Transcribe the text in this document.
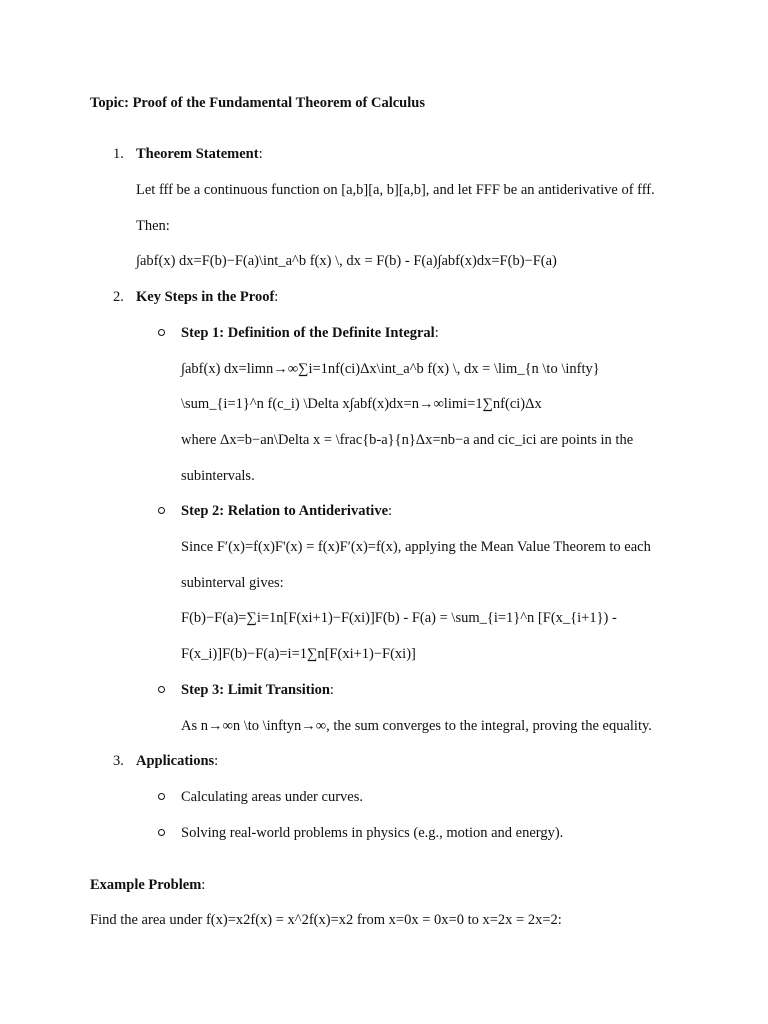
Topic: Proof of the Fundamental Theorem of Calculus
1. Theorem Statement:
Let fff be a continuous function on [a,b][a, b][a,b], and let FFF be an antiderivative of fff.
Then:
∫abf(x) dx=F(b)−F(a)\int_a^b f(x) \, dx = F(b) - F(a)∫abf(x)dx=F(b)−F(a)
2. Key Steps in the Proof:
Step 1: Definition of the Definite Integral:
∫abf(x) dx=limn→∞∑i=1nf(ci)Δx\int_a^b f(x) \, dx = \lim_{n \to \infty}
\sum_{i=1}^n f(c_i) \Delta x∫abf(x)dx=n→∞limi=1∑nf(ci)Δx
where Δx=b−an\Delta x = \frac{b-a}{n}Δx=nb−a and cic_ici are points in the
subintervals.
Step 2: Relation to Antiderivative:
Since F′(x)=f(x)F'(x) = f(x)F′(x)=f(x), applying the Mean Value Theorem to each
subinterval gives:
F(b)−F(a)=∑i=1n[F(xi+1)−F(xi)]F(b) - F(a) = \sum_{i=1}^n [F(x_{i+1}) -
F(x_i)]F(b)−F(a)=i=1∑n[F(xi+1)−F(xi)]
Step 3: Limit Transition:
As n→∞n \to \inftyn→∞, the sum converges to the integral, proving the equality.
3. Applications:
Calculating areas under curves.
Solving real-world problems in physics (e.g., motion and energy).
Example Problem:
Find the area under f(x)=x2f(x) = x^2f(x)=x2 from x=0x = 0x=0 to x=2x = 2x=2:
